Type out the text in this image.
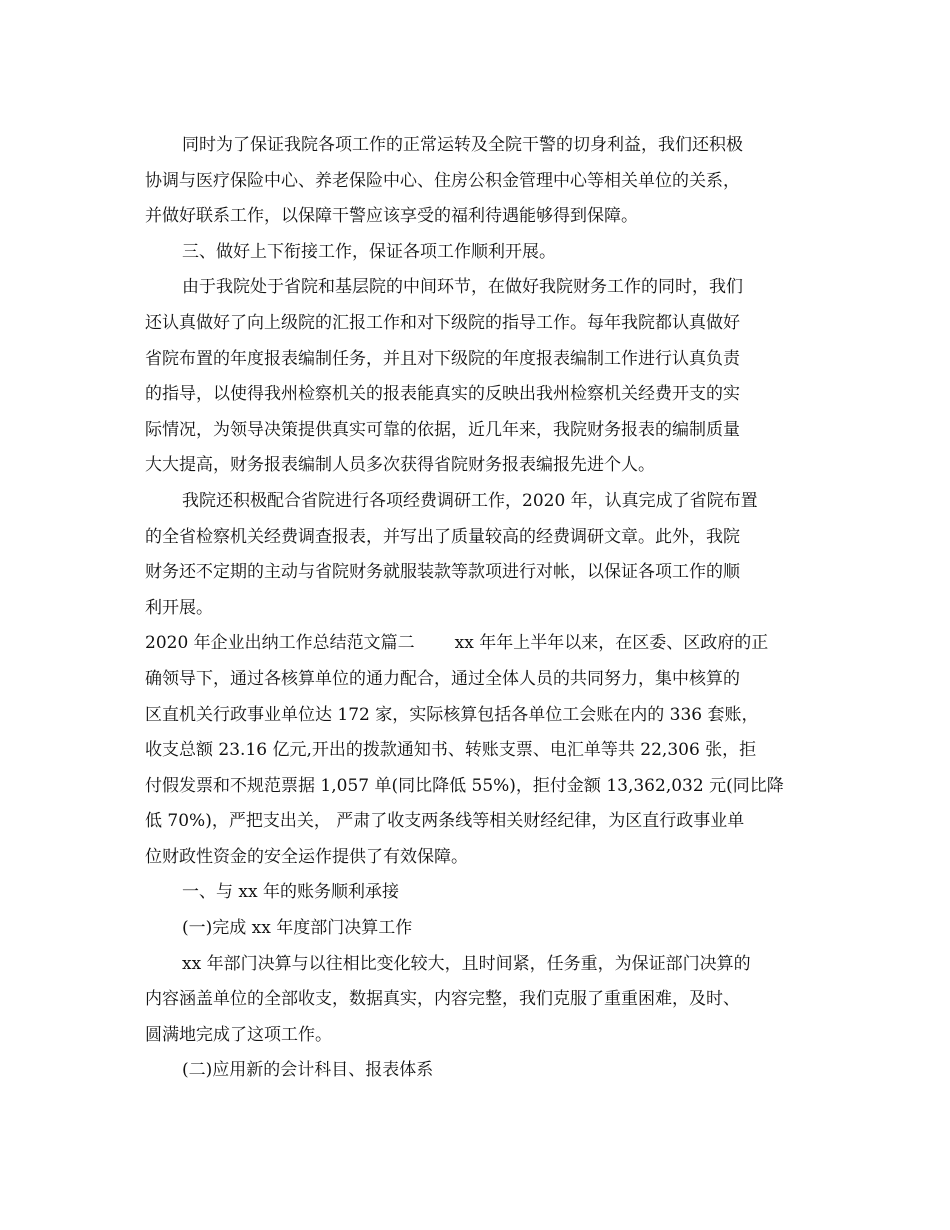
同时为了保证我院各项工作的正常运转及全院干警的切身利益，我们还积极
协调与医疗保险中心、养老保险中心、住房公积金管理中心等相关单位的关系，
并做好联系工作，以保障干警应该享受的福利待遇能够得到保障。
三、做好上下衔接工作，保证各项工作顺利开展。
由于我院处于省院和基层院的中间环节，在做好我院财务工作的同时，我们
还认真做好了向上级院的汇报工作和对下级院的指导工作。每年我院都认真做好
省院布置的年度报表编制任务，并且对下级院的年度报表编制工作进行认真负责
的指导，以使得我州检察机关的报表能真实的反映出我州检察机关经费开支的实
际情况，为领导决策提供真实可靠的依据，近几年来，我院财务报表的编制质量
大大提高，财务报表编制人员多次获得省院财务报表编报先进个人。
我院还积极配合省院进行各项经费调研工作，2020 年，认真完成了省院布置
的全省检察机关经费调查报表，并写出了质量较高的经费调研文章。此外，我院
财务还不定期的主动与省院财务就服装款等款项进行对帐，以保证各项工作的顺
利开展。
2020 年企业出纳工作总结范文篇二 xx 年年上半年以来，在区委、区政府的正
确领导下，通过各核算单位的通力配合，通过全体人员的共同努力，集中核算的
区直机关行政事业单位达 172 家，实际核算包括各单位工会账在内的 336 套账，
收支总额 23.16 亿元,开出的拨款通知书、转账支票、电汇单等共 22,306 张，拒
付假发票和不规范票据 1,057 单(同比降低 55%)，拒付金额 13,362,032 元(同比降
低 70%)，严把支出关， 严肃了收支两条线等相关财经纪律，为区直行政事业单
位财政性资金的安全运作提供了有效保障。
一、与 xx 年的账务顺利承接
(一)完成 xx 年度部门决算工作
xx 年部门决算与以往相比变化较大，且时间紧，任务重，为保证部门决算的
内容涵盖单位的全部收支，数据真实，内容完整，我们克服了重重困难，及时、
圆满地完成了这项工作。
(二)应用新的会计科目、报表体系
